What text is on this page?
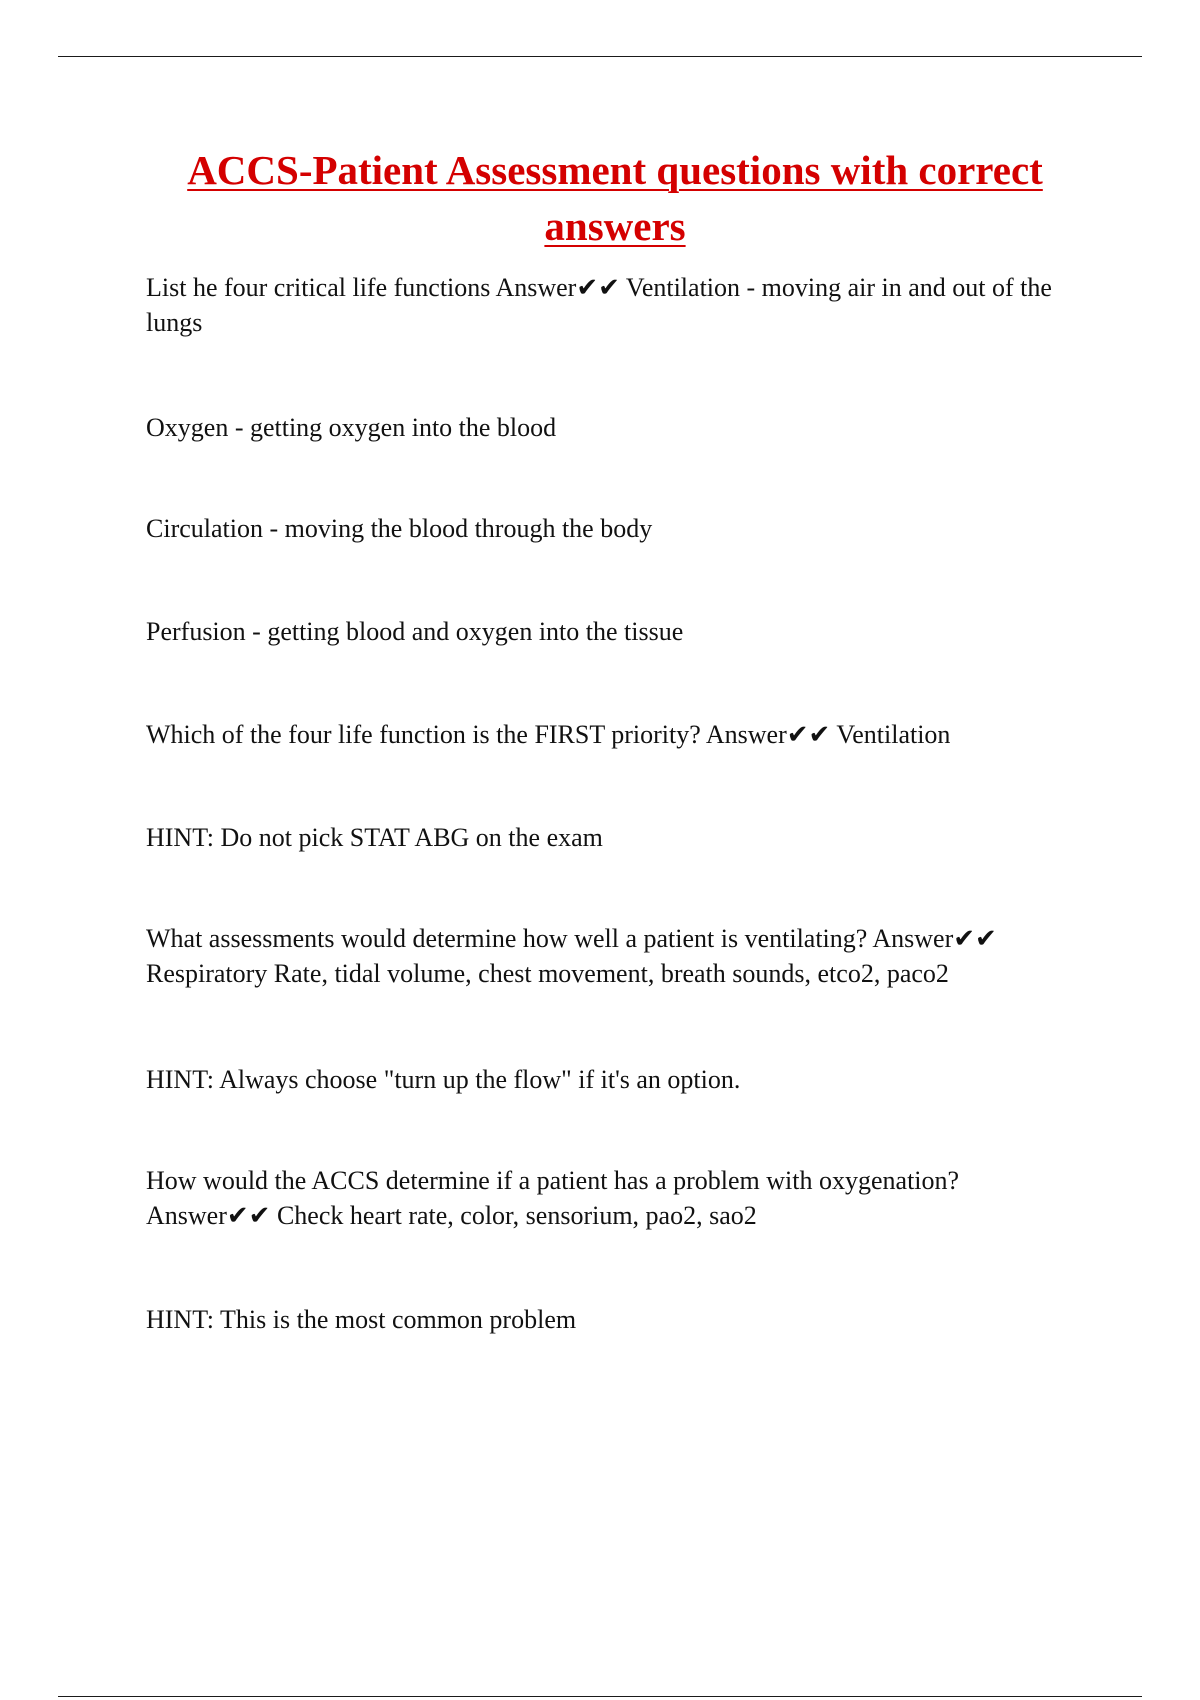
ACCS-Patient Assessment questions with correct answers

List he four critical life functions Answer✔✔ Ventilation - moving air in and out of the lungs

Oxygen - getting oxygen into the blood

Circulation - moving the blood through the body

Perfusion - getting blood and oxygen into the tissue

Which of the four life function is the FIRST priority? Answer✔✔ Ventilation

HINT: Do not pick STAT ABG on the exam

What assessments would determine how well a patient is ventilating? Answer✔✔ Respiratory Rate, tidal volume, chest movement, breath sounds, etco2, paco2

HINT: Always choose "turn up the flow" if it's an option.

How would the ACCS determine if a patient has a problem with oxygenation? Answer✔✔ Check heart rate, color, sensorium, pao2, sao2

HINT: This is the most common problem
